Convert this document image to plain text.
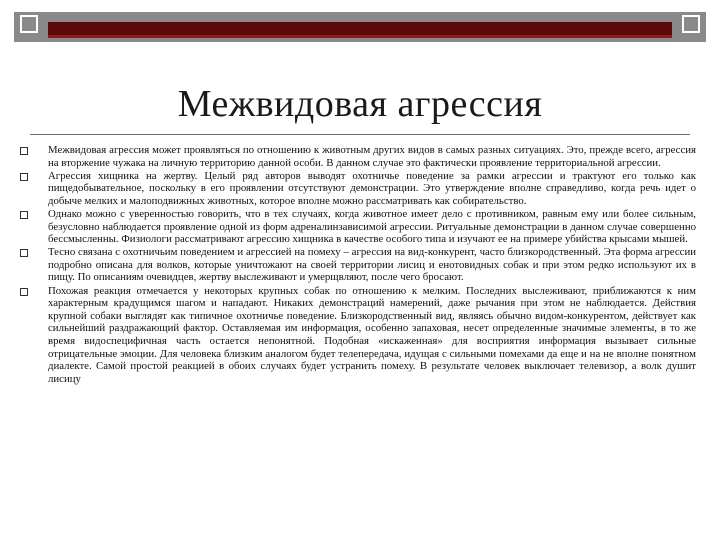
Межвидовая агрессия
Межвидовая агрессия может проявляться по отношению к животным других видов в самых разных ситуациях. Это, прежде всего, агрессия на вторжение чужака на личную территорию данной особи. В данном случае это фактически проявление территориальной агрессии.
Агрессия хищника на жертву. Целый ряд авторов выводят охотничье поведение за рамки агрессии и трактуют его только как пищедобывательное, поскольку в его проявлении отсутствуют демонстрации. Это утверждение вполне справедливо, когда речь идет о добыче мелких и малоподвижных животных, которое вполне можно рассматривать как собирательство.
Однако можно с уверенностью говорить, что в тех случаях, когда животное имеет дело с противником, равным ему или более сильным, безусловно наблюдается проявление одной из форм адреналинзависимой агрессии. Ритуальные демонстрации в данном случае совершенно бессмысленны. Физиологи рассматривают агрессию хищника в качестве особого типа и изучают ее на примере убийства крысами мышей.
Тесно связана с охотничьим поведением и агрессией на помеху – агрессия на вид-конкурент, часто близкородственный. Эта форма агрессии подробно описана для волков, которые уничтожают на своей территории лисиц и енотовидных собак и при этом редко используют их в пищу. По описаниям очевидцев, жертву выслеживают и умерщвляют, после чего бросают.
Похожая реакция отмечается у некоторых крупных собак по отношению к мелким. Последних выслеживают, приближаются к ним характерным крадущимся шагом и нападают. Никаких демонстраций намерений, даже рычания при этом не наблюдается. Действия крупной собаки выглядят как типичное охотничье поведение. Близкородственный вид, являясь обычно видом-конкурентом, действует как сильнейший раздражающий фактор. Оставляемая им информация, особенно запаховая, несет определенные значимые элементы, в то же время видоспецифичная часть остается непонятной. Подобная «искаженная» для восприятия информация вызывает сильные отрицательные эмоции. Для человека близким аналогом будет телепередача, идущая с сильными помехами да еще и на не вполне понятном диалекте. Самой простой реакцией в обоих случаях будет устранить помеху. В результате человек выключает телевизор, а волк душит лисицу
